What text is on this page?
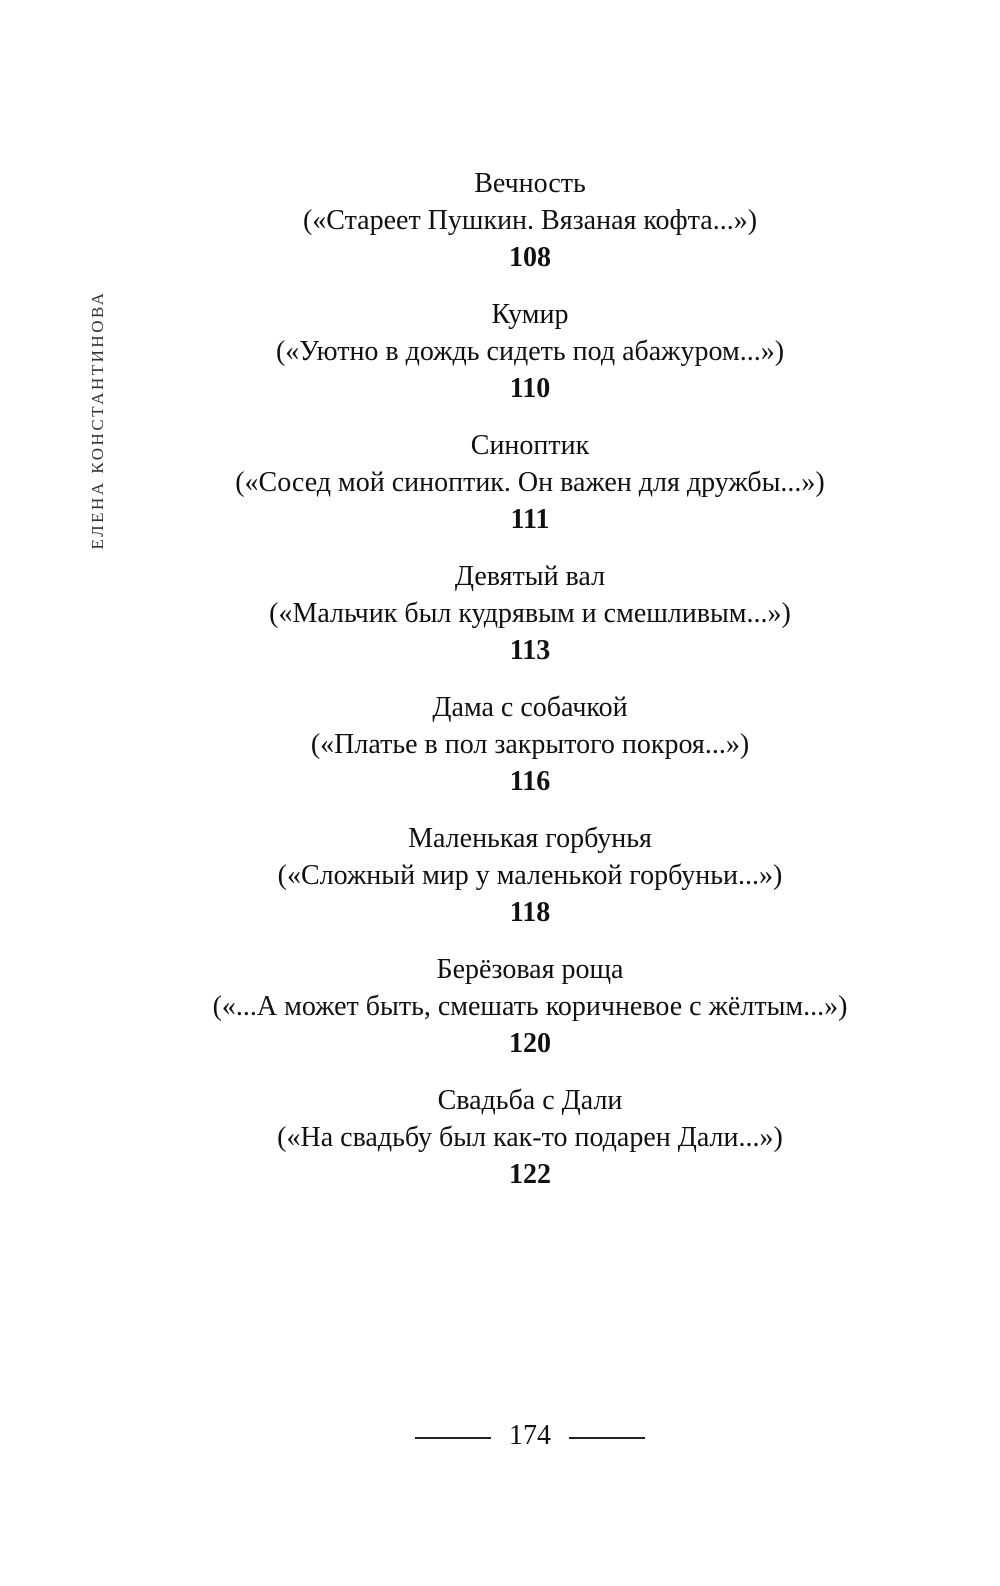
ЕЛЕНА КОНСТАНТИНОВА
Вечность
(«Стареет Пушкин. Вязаная кофта...»)
108
Кумир
(«Уютно в дождь сидеть под абажуром...»)
110
Синоптик
(«Сосед мой синоптик. Он важен для дружбы...»)
111
Девятый вал
(«Мальчик был кудрявым и смешливым...»)
113
Дама с собачкой
(«Платье в пол закрытого покроя...»)
116
Маленькая горбунья
(«Сложный мир у маленькой горбуньи...»)
118
Берёзовая роща
(«...А может быть, смешать коричневое с жёлтым...»)
120
Свадьба с Дали
(«На свадьбу был как-то подарен Дали...»)
122
174
